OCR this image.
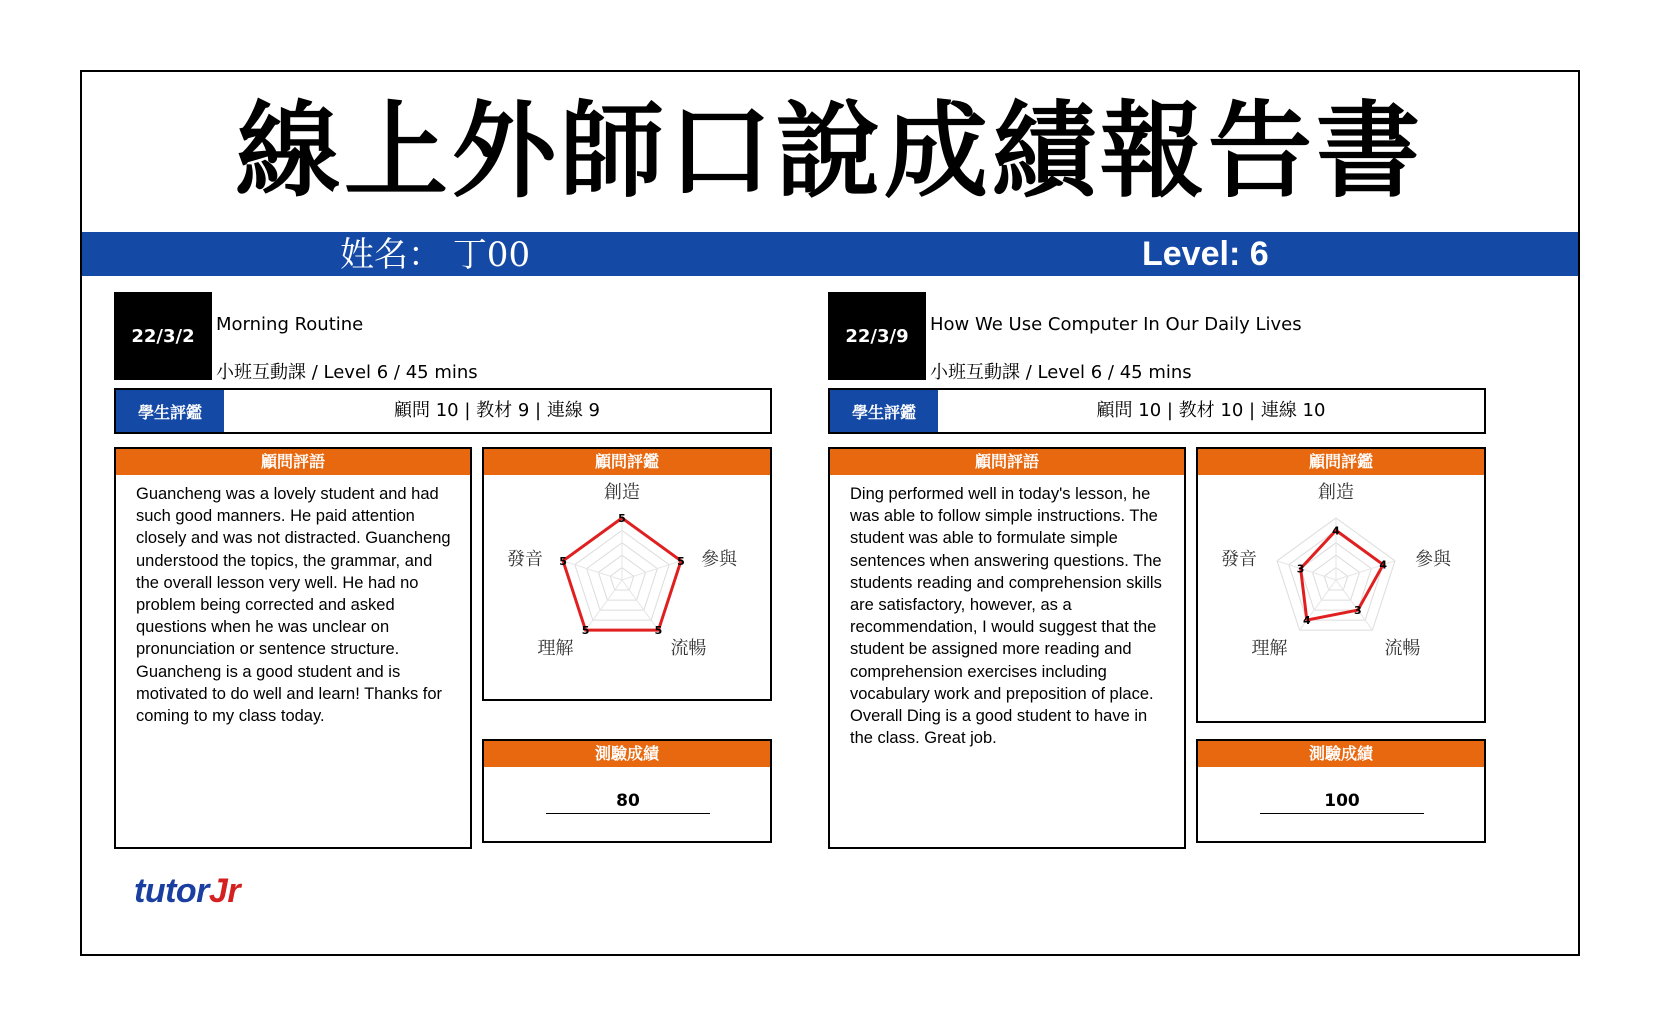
線上外師口說成績報告書
姓名： 丁00	Level: 6
22/3/2
Morning Routine
小班互動課 / Level 6 / 45 mins
學生評鑑	顧問 10 | 教材 9 | 連線 9
顧問評語
Guancheng was a lovely student and had such good manners. He paid attention closely and was not distracted. Guancheng understood the topics, the grammar, and the overall lesson very well. He had no problem being corrected and asked questions when he was unclear on pronunciation or sentence structure. Guancheng is a good student and is motivated to do well and learn! Thanks for coming to my class today.
顧問評鑑
5
5
5
5
5
創造
參與
流暢
理解
發音
測驗成績
80
22/3/9
How We Use Computer In Our Daily Lives
小班互動課 / Level 6 / 45 mins
學生評鑑	顧問 10 | 教材 10 | 連線 10
顧問評語
Ding performed well in today's lesson, he was able to follow simple instructions. The student was able to formulate simple sentences when answering questions. The students reading and comprehension skills are satisfactory, however, as a recommendation, I would suggest that the student be assigned more reading and comprehension exercises including vocabulary work and preposition of place. Overall Ding is a good student to have in the class. Great job.
顧問評鑑
4
4
3
4
3
創造
參與
流暢
理解
發音
測驗成績
100
tutorJr
